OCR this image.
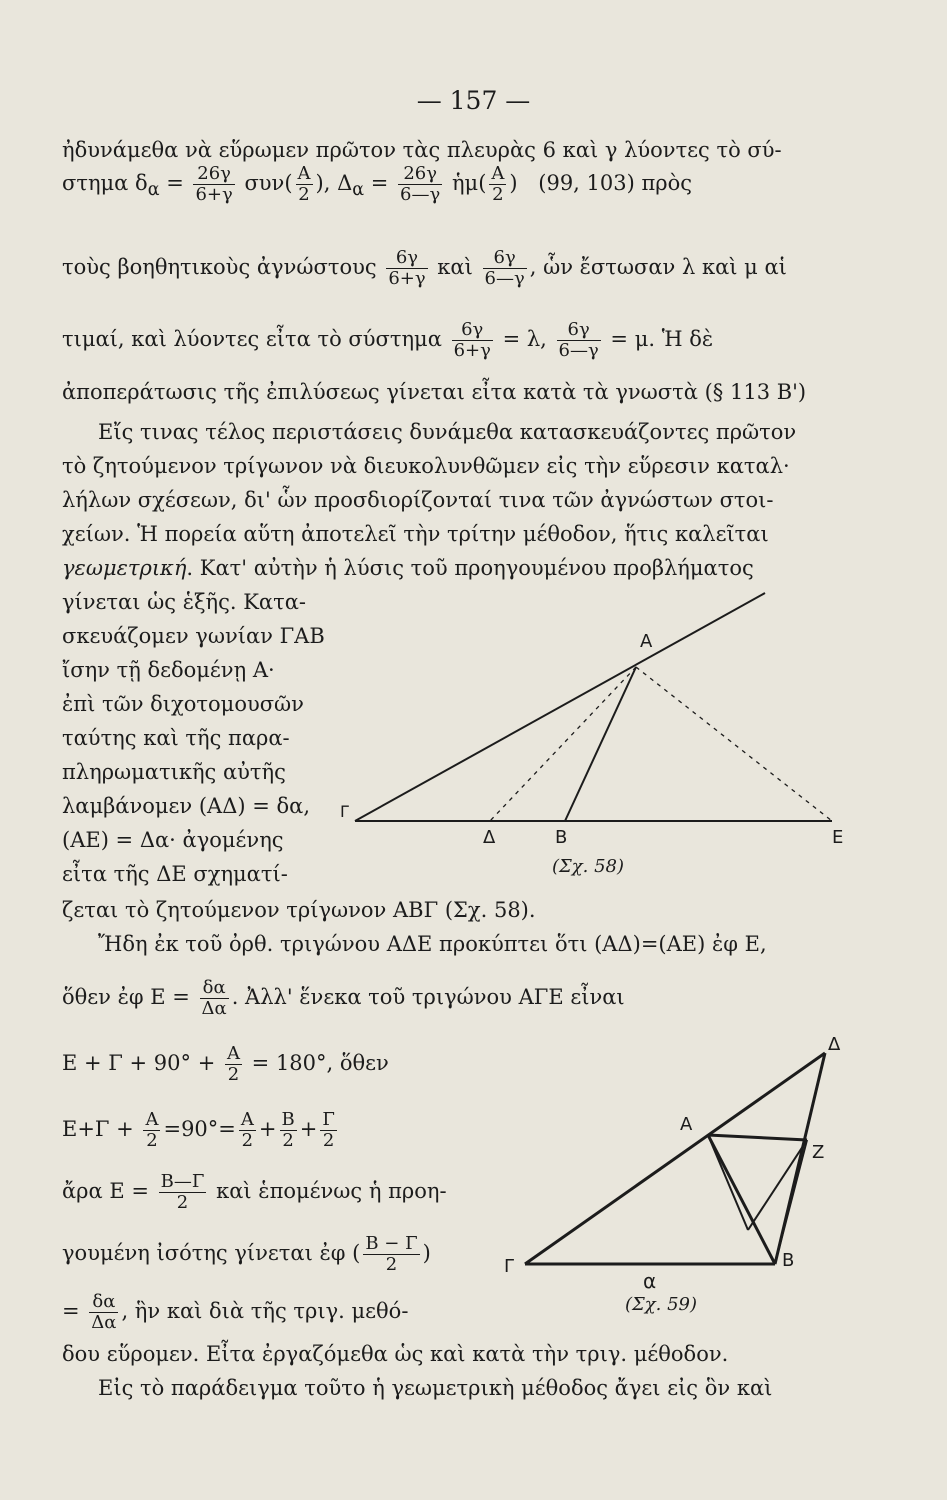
— 157 —
ἠδυνάμεθα νὰ εὕρωμεν πρῶτον τὰς πλευρὰς 6 καὶ γ λύοντες τὸ σύ-
στημα $\delta_\alpha = \frac{26\gamma}{6+\gamma} \sigma\upsilon\nu( \frac{A}{2}$ ), $\Delta_\alpha = \frac{26\gamma}{6—\gamma}$ ἡμ( $\frac{A}{2}$ ) (99, 103) πρὸς
τοὺς βοηθητικοὺς ἀγνώστους $\frac{6\gamma}{6+\gamma}$ καὶ $\frac{6\gamma}{6—\gamma}$ , ὧν ἔστωσαν λ καὶ μ αἱ
τιμαί, καὶ λύοντες εἶτα τὸ σύστημα $\frac{6\gamma}{6+\gamma} = \lambda$, $\frac{6\gamma}{6—\gamma} = \mu$. Ἡ δὲ
ἀποπεράτωσις τῆς ἐπιλύσεως γίνεται εἶτα κατὰ τὰ γνωστὰ (§ 113 Β')
Εἴς τινας τέλος περιστάσεις δυνάμεθα κατασκευάζοντες πρῶτον
τὸ ζητούμενον τρίγωνον νὰ διευκολυνθῶμεν εἰς τὴν εὕρεσιν καταλ·
λήλων σχέσεων, δι' ὧν προσδιορίζονταί τινα τῶν ἀγνώστων στοι-
χείων. Ἡ πορεία αὕτη ἀποτελεῖ τὴν τρίτην μέθοδον, ἥτις καλεῖται
γεωμετρική. Κατ' αὐτὴν ἡ λύσις τοῦ προηγουμένου προβλήματος
γίνεται ὡς ἑξῆς. Κατα-
σκευάζομεν γωνίαν ΓΑΒ
ἴσην τῇ δεδομένῃ Α·
ἐπὶ τῶν διχοτομουσῶν
ταύτης καὶ τῆς παρα-
πληρωματικῆς αὐτῆς
λαμβάνομεν (ΑΔ) = δα,
(ΑΕ) = Δα· ἀγομένης
εἶτα τῆς ΔΕ σχηματί-
ζεται τὸ ζητούμενον τρίγωνον ΑΒΓ (Σχ. 58).
Ἤδη ἐκ τοῦ ὀρθ. τριγώνου ΑΔΕ προκύπτει ὅτι (ΑΔ)=(ΑΕ) ἐφ Ε,
ὅθεν ἐφ $E = \frac{\delta\alpha}{\Delta\alpha}$ . Ἀλλ' ἕνεκα τοῦ τριγώνου ΑΓΕ εἶναι
$E + \Gamma + 90^\circ + \frac{A}{2} = 180^\circ$, ὅθεν
$E+\Gamma + \frac{A}{2} =90^\circ= \frac{A}{2} + \frac{B}{2} + \frac{\Gamma}{2}$
ἄρα $E = \frac{B—\Gamma}{2}$ καὶ ἑπομένως ἡ προη-
γουμένη ἰσότης γίνεται ἐφ ( $\frac{B - \Gamma}{2}$ )
= $\frac{\delta\alpha}{\Delta\alpha}$ , ἣν καὶ διὰ τῆς τριγ. μεθό-
δου εὕρομεν. Εἶτα ἐργαζόμεθα ὡς καὶ κατὰ τὴν τριγ. μέθοδον.
Εἰς τὸ παράδειγμα τοῦτο ἡ γεωμετρικὴ μέθοδος ἄγει εἰς ὃν καὶ
Α
Γ
Δ	Β	Ε
(Σχ. 58)
Δ
Α
Ζ
Γ	Β
α
(Σχ. 59)
